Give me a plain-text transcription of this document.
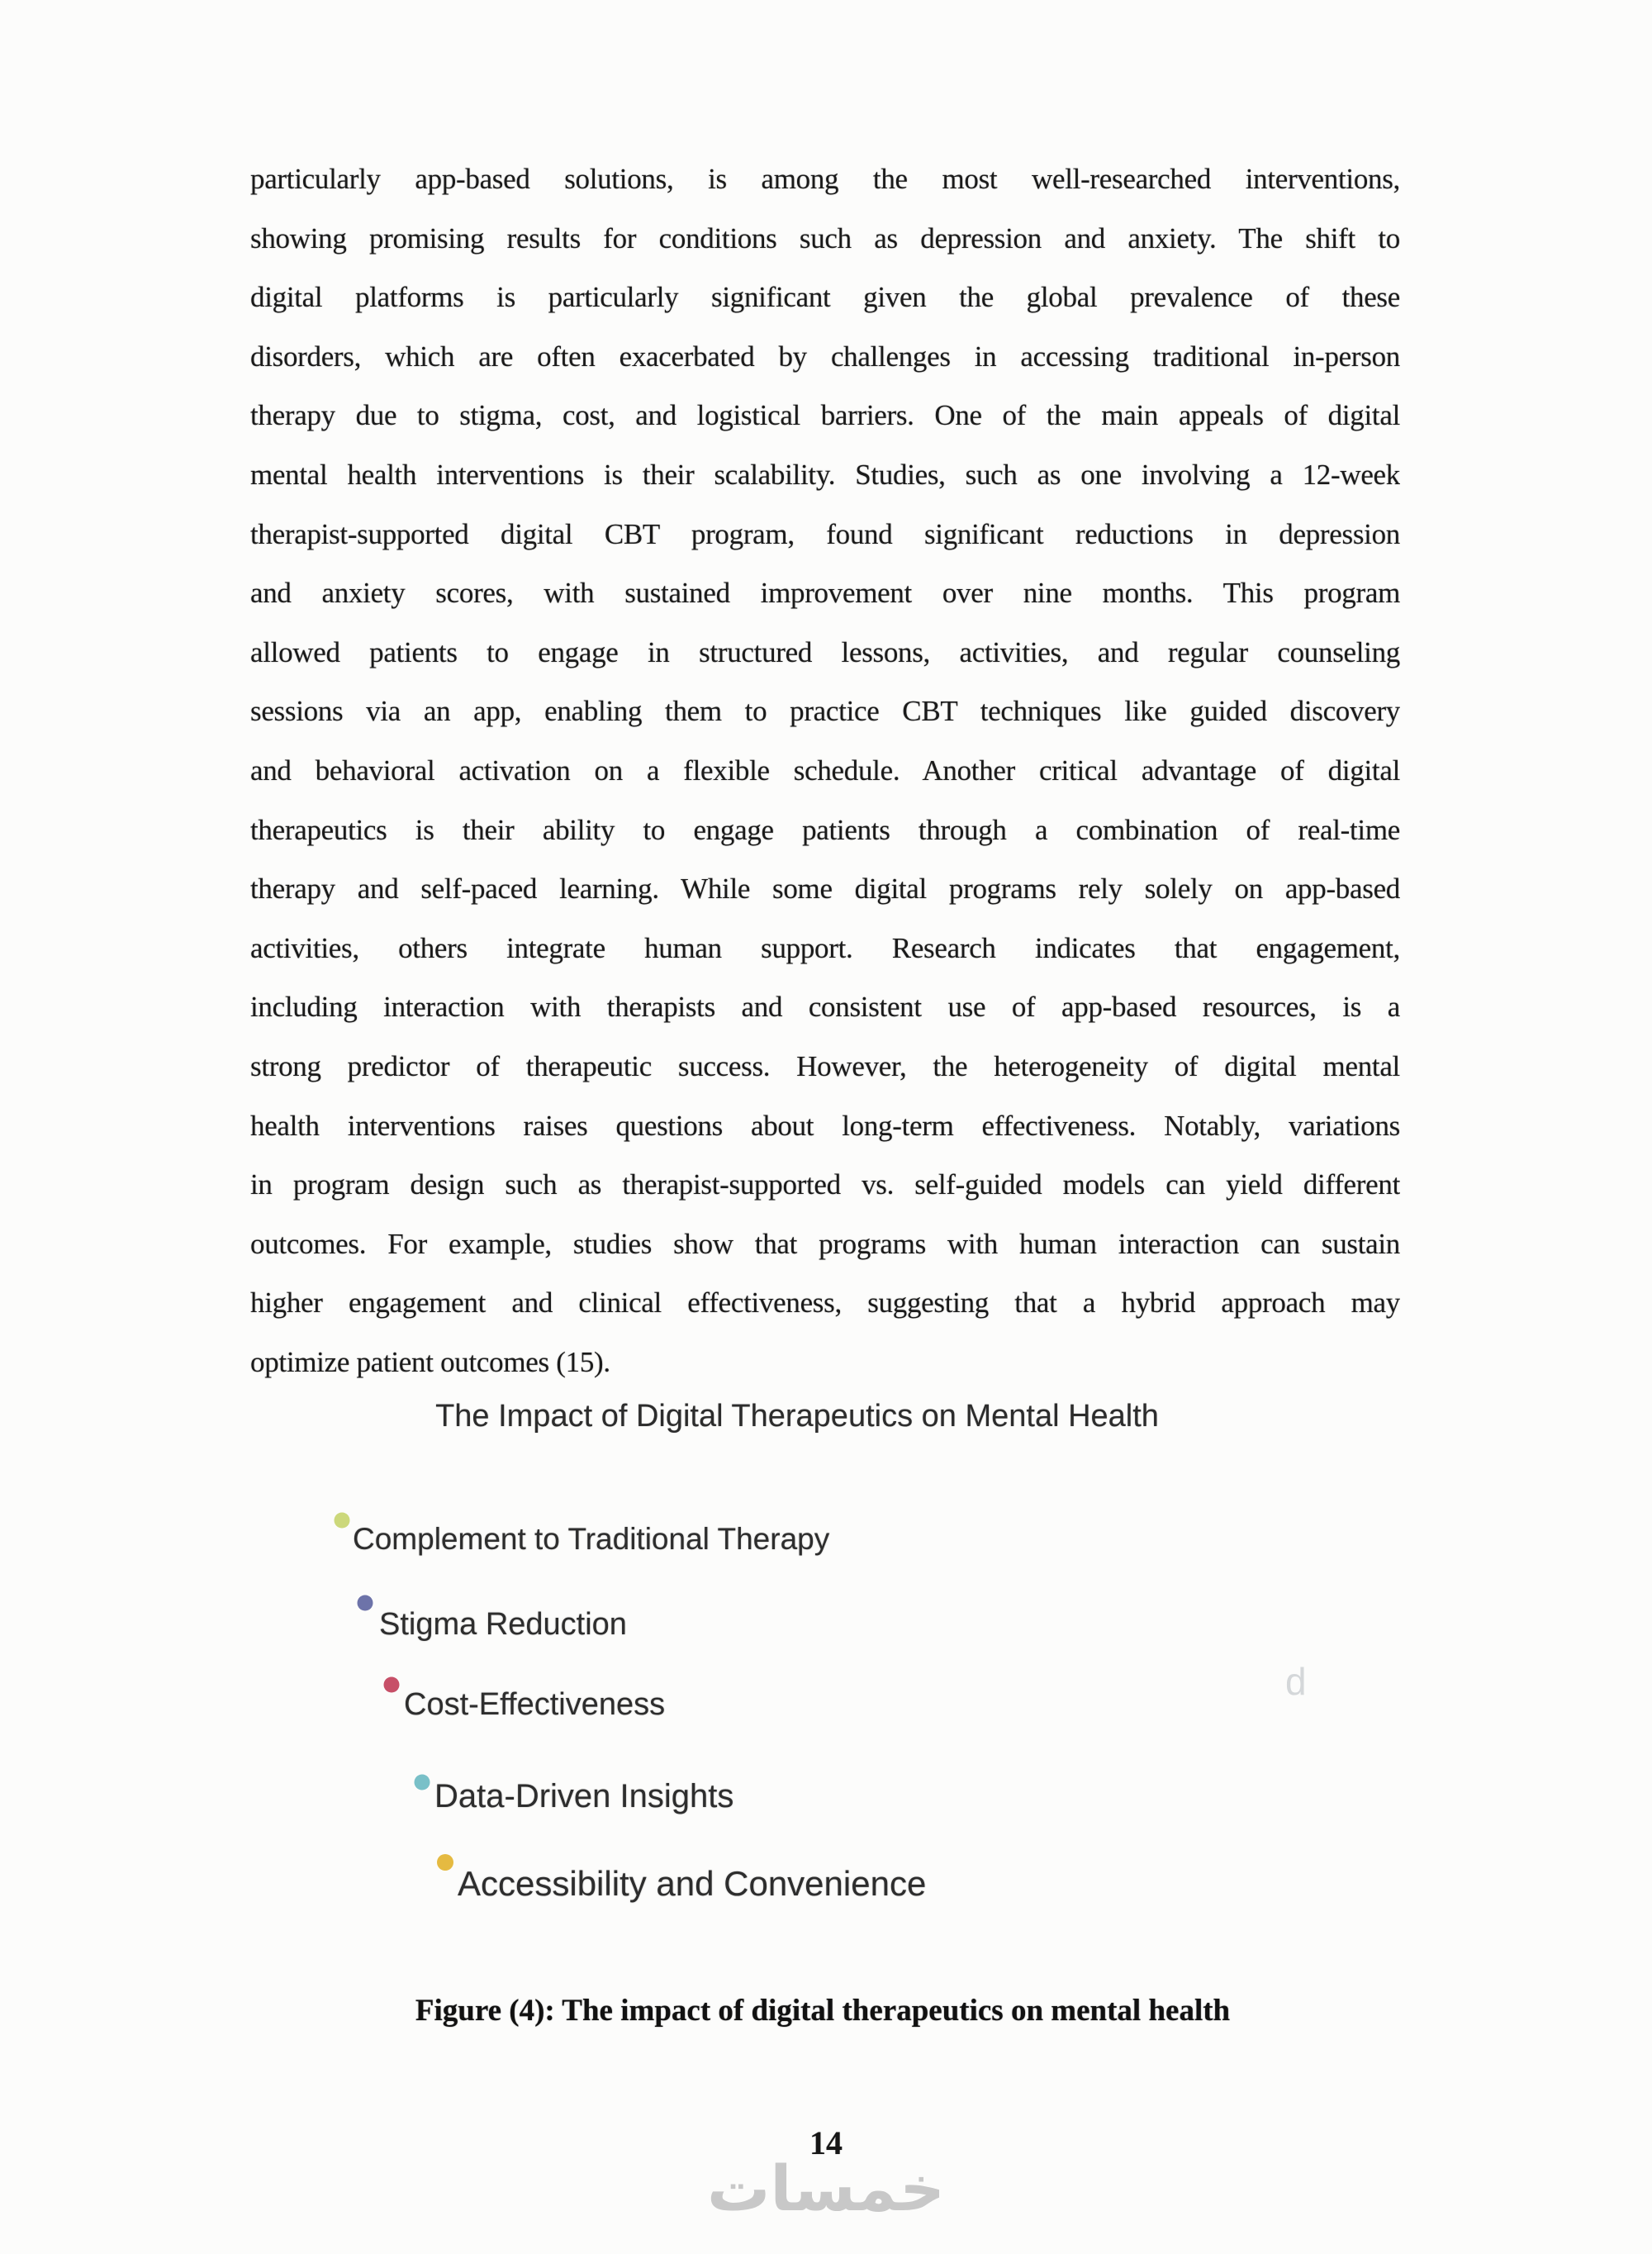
particularly app-based solutions, is among the most well-researched interventions,
showing promising results for conditions such as depression and anxiety. The shift to
digital platforms is particularly significant given the global prevalence of these
disorders, which are often exacerbated by challenges in accessing traditional in-person
therapy due to stigma, cost, and logistical barriers. One of the main appeals of digital
mental health interventions is their scalability. Studies, such as one involving a 12-week
therapist-supported digital CBT program, found significant reductions in depression
and anxiety scores, with sustained improvement over nine months. This program
allowed patients to engage in structured lessons, activities, and regular counseling
sessions via an app, enabling them to practice CBT techniques like guided discovery
and behavioral activation on a flexible schedule. Another critical advantage of digital
therapeutics is their ability to engage patients through a combination of real-time
therapy and self-paced learning. While some digital programs rely solely on app-based
activities, others integrate human support. Research indicates that engagement,
including interaction with therapists and consistent use of app-based resources, is a
strong predictor of therapeutic success. However, the heterogeneity of digital mental
health interventions raises questions about long-term effectiveness. Notably, variations
in program design such as therapist-supported vs. self-guided models can yield different
outcomes. For example, studies show that programs with human interaction can sustain
higher engagement and clinical effectiveness, suggesting that a hybrid approach may
optimize patient outcomes (15).
The Impact of Digital Therapeutics on Mental Health
d
Complement to Traditional Therapy
Stigma Reduction
Cost-Effectiveness
Data-Driven Insights
Accessibility and Convenience
Figure (4): The impact of digital therapeutics on mental health
14
خمسات
